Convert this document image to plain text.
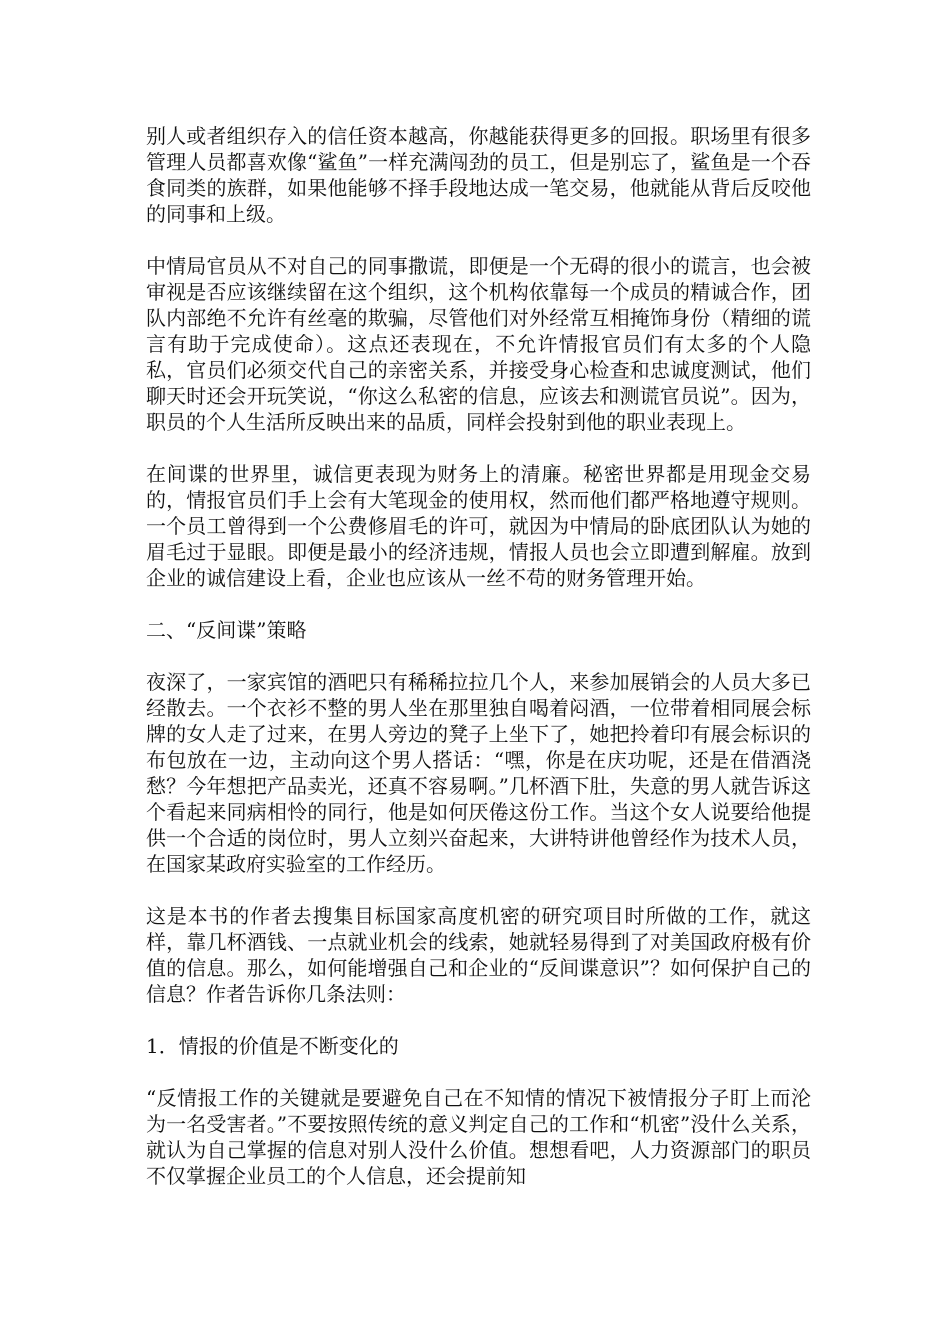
别人或者组织存入的信任资本越高，你越能获得更多的回报。职场里有很多管理人员都喜欢像“鲨鱼”一样充满闯劲的员工，但是别忘了，鲨鱼是一个吞食同类的族群，如果他能够不择手段地达成一笔交易，他就能从背后反咬他的同事和上级。

中情局官员从不对自己的同事撒谎，即便是一个无碍的很小的谎言，也会被审视是否应该继续留在这个组织，这个机构依靠每一个成员的精诚合作，团队内部绝不允许有丝毫的欺骗，尽管他们对外经常互相掩饰身份（精细的谎言有助于完成使命）。这点还表现在，不允许情报官员们有太多的个人隐私，官员们必须交代自己的亲密关系，并接受身心检查和忠诚度测试，他们聊天时还会开玩笑说，“你这么私密的信息，应该去和测谎官员说”。因为，职员的个人生活所反映出来的品质，同样会投射到他的职业表现上。

在间谍的世界里，诚信更表现为财务上的清廉。秘密世界都是用现金交易的，情报官员们手上会有大笔现金的使用权，然而他们都严格地遵守规则。一个员工曾得到一个公费修眉毛的许可，就因为中情局的卧底团队认为她的眉毛过于显眼。即便是最小的经济违规，情报人员也会立即遭到解雇。放到企业的诚信建设上看，企业也应该从一丝不苟的财务管理开始。

二、“反间谍”策略

夜深了，一家宾馆的酒吧只有稀稀拉拉几个人，来参加展销会的人员大多已经散去。一个衣衫不整的男人坐在那里独自喝着闷酒，一位带着相同展会标牌的女人走了过来，在男人旁边的凳子上坐下了，她把拎着印有展会标识的布包放在一边，主动向这个男人搭话：“嘿，你是在庆功呢，还是在借酒浇愁？今年想把产品卖光，还真不容易啊。”几杯酒下肚，失意的男人就告诉这个看起来同病相怜的同行，他是如何厌倦这份工作。当这个女人说要给他提供一个合适的岗位时，男人立刻兴奋起来，大讲特讲他曾经作为技术人员，在国家某政府实验室的工作经历。

这是本书的作者去搜集目标国家高度机密的研究项目时所做的工作，就这样，靠几杯酒钱、一点就业机会的线索，她就轻易得到了对美国政府极有价值的信息。那么，如何能增强自己和企业的“反间谍意识”？如何保护自己的信息？作者告诉你几条法则：

1．情报的价值是不断变化的

“反情报工作的关键就是要避免自己在不知情的情况下被情报分子盯上而沦为一名受害者。”不要按照传统的意义判定自己的工作和“机密”没什么关系，就认为自己掌握的信息对别人没什么价值。想想看吧，人力资源部门的职员不仅掌握企业员工的个人信息，还会提前知
